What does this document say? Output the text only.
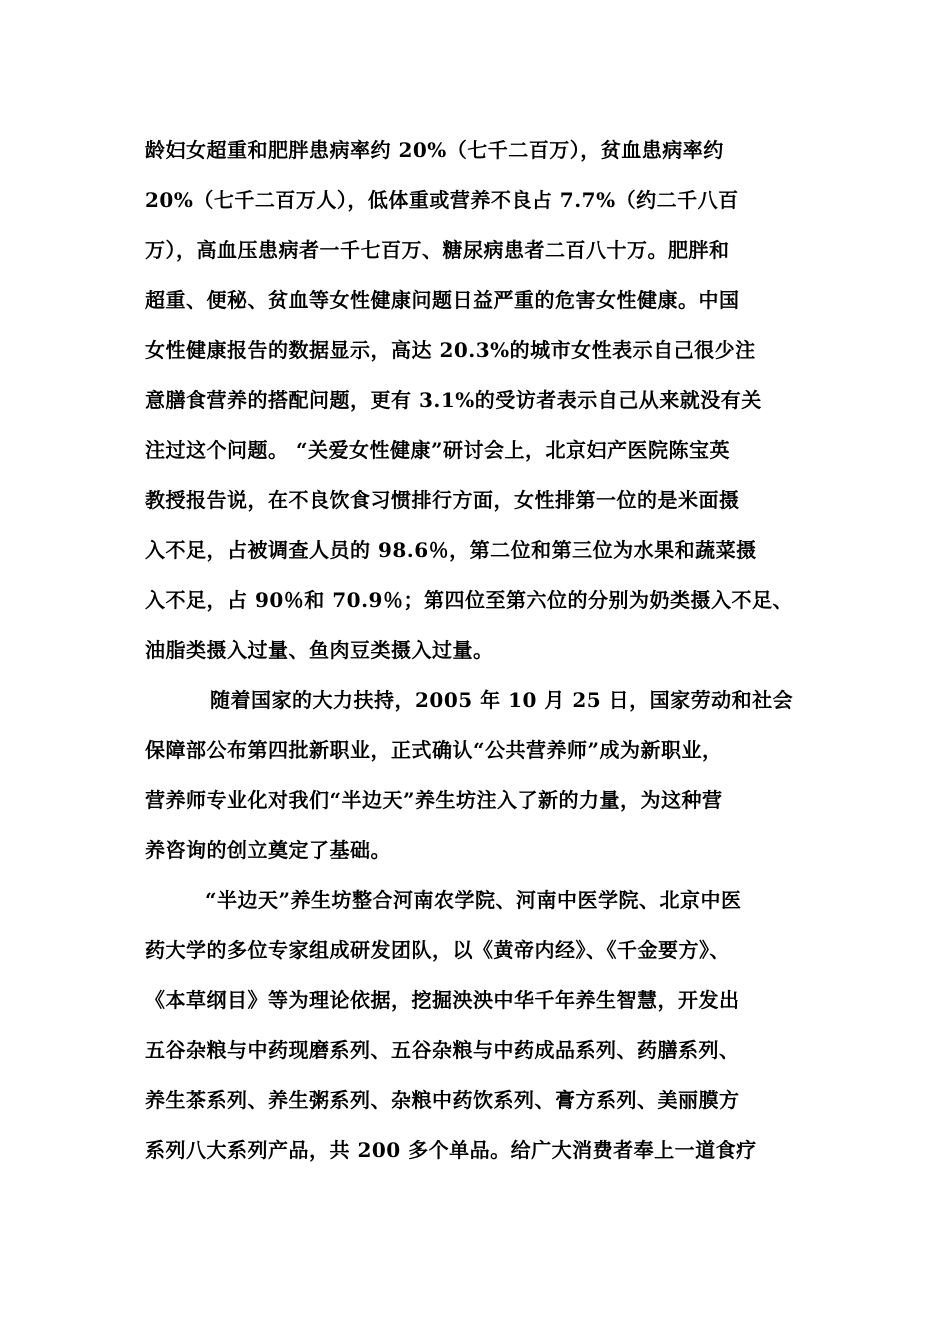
龄妇女超重和肥胖患病率约 20%（七千二百万），贫血患病率约
20%（七千二百万人），低体重或营养不良占 7.7%（约二千八百
万），高血压患病者一千七百万、糖尿病患者二百八十万。肥胖和
超重、便秘、贫血等女性健康问题日益严重的危害女性健康。中国
女性健康报告的数据显示，高达 20.3%的城市女性表示自己很少注
意膳食营养的搭配问题，更有 3.1%的受访者表示自己从来就没有关
注过这个问题。 “关爱女性健康”研讨会上，北京妇产医院陈宝英
教授报告说，在不良饮食习惯排行方面，女性排第一位的是米面摄
入不足，占被调查人员的 98.6％，第二位和第三位为水果和蔬菜摄
入不足，占 90％和 70.9％；第四位至第六位的分别为奶类摄入不足、
油脂类摄入过量、鱼肉豆类摄入过量。
随着国家的大力扶持，2005 年 10 月 25 日，国家劳动和社会
保障部公布第四批新职业，正式确认“公共营养师”成为新职业，
营养师专业化对我们“半边天”养生坊注入了新的力量，为这种营
养咨询的创立奠定了基础。
“半边天”养生坊整合河南农学院、河南中医学院、北京中医
药大学的多位专家组成研发团队，以《黄帝内经》、《千金要方》、
《本草纲目》等为理论依据，挖掘泱泱中华千年养生智慧，开发出
五谷杂粮与中药现磨系列、五谷杂粮与中药成品系列、药膳系列、
养生茶系列、养生粥系列、杂粮中药饮系列、膏方系列、美丽膜方
系列八大系列产品，共 200 多个单品。给广大消费者奉上一道食疗
